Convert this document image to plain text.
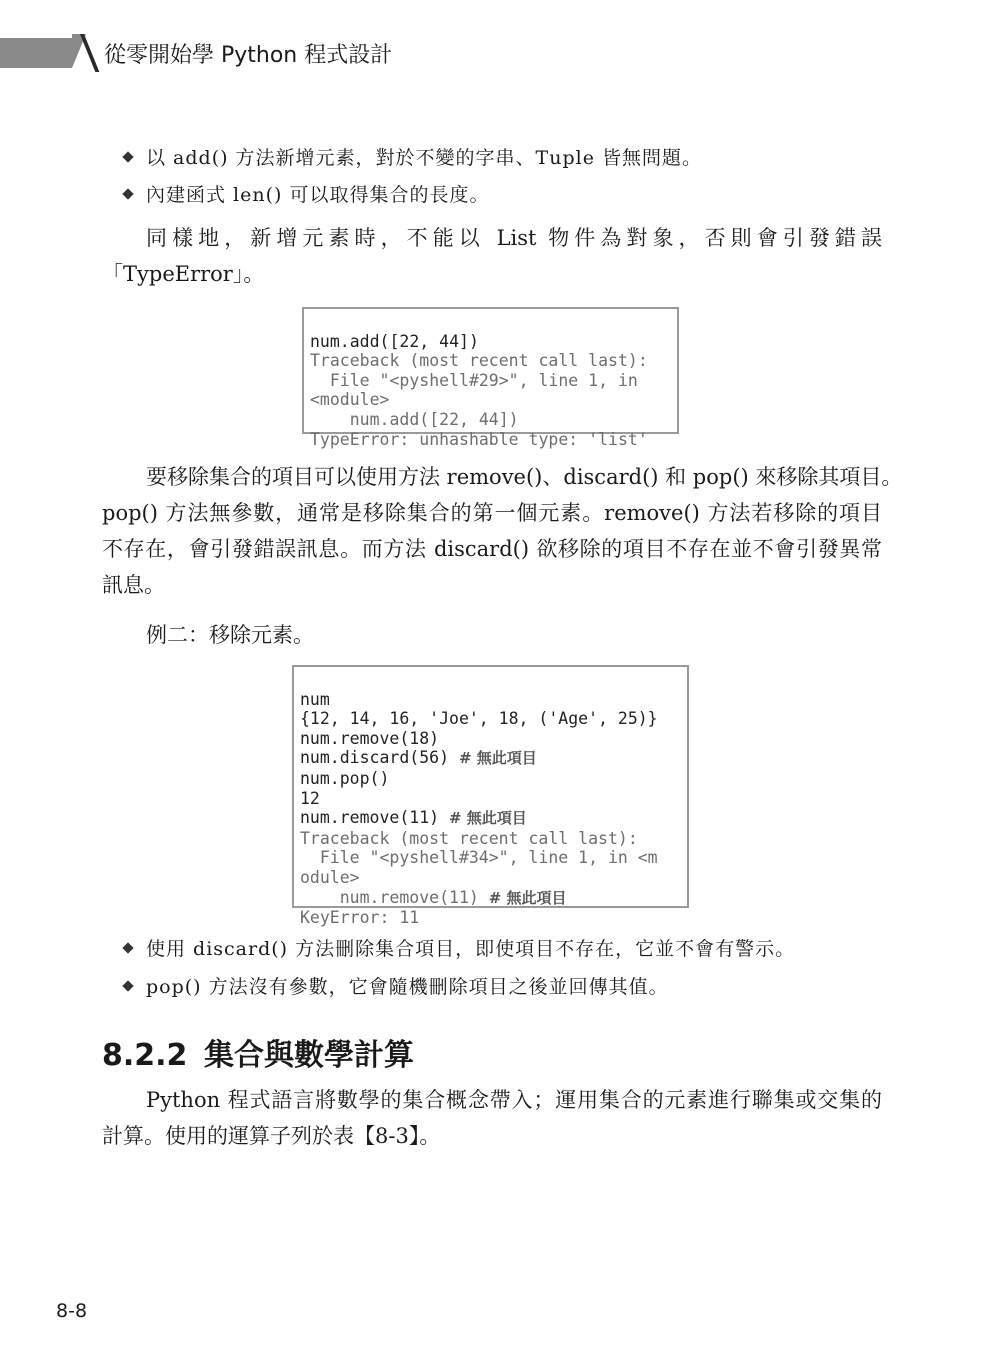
從零開始學 Python 程式設計
以 add() 方法新增元素，對於不變的字串、Tuple 皆無問題。
內建函式 len() 可以取得集合的長度。
同樣地，新增元素時，不能以 List 物件為對象，否則會引發錯誤
「TypeError」。

num.add([22, 44])
Traceback (most recent call last):
File "<pyshell#29>", line 1, in
<module>
num.add([22, 44])
TypeError: unhashable type: 'list'

要移除集合的項目可以使用方法 remove()、discard() 和 pop() 來移除其項目。
pop() 方法無參數，通常是移除集合的第一個元素。remove() 方法若移除的項目
不存在，會引發錯誤訊息。而方法 discard() 欲移除的項目不存在並不會引發異常
訊息。
例二：移除元素。

num
{12, 14, 16, 'Joe', 18, ('Age', 25)}
num.remove(18)
num.discard(56) # 無此項目
num.pop()
12
num.remove(11) # 無此項目
Traceback (most recent call last):
File "<pyshell#34>", line 1, in <m
odule>
num.remove(11) # 無此項目
KeyError: 11

使用 discard() 方法刪除集合項目，即使項目不存在，它並不會有警示。
pop() 方法沒有參數，它會隨機刪除項目之後並回傳其值。
8.2.2 集合與數學計算
Python 程式語言將數學的集合概念帶入；運用集合的元素進行聯集或交集的
計算。使用的運算子列於表【8-3】。
8-8
